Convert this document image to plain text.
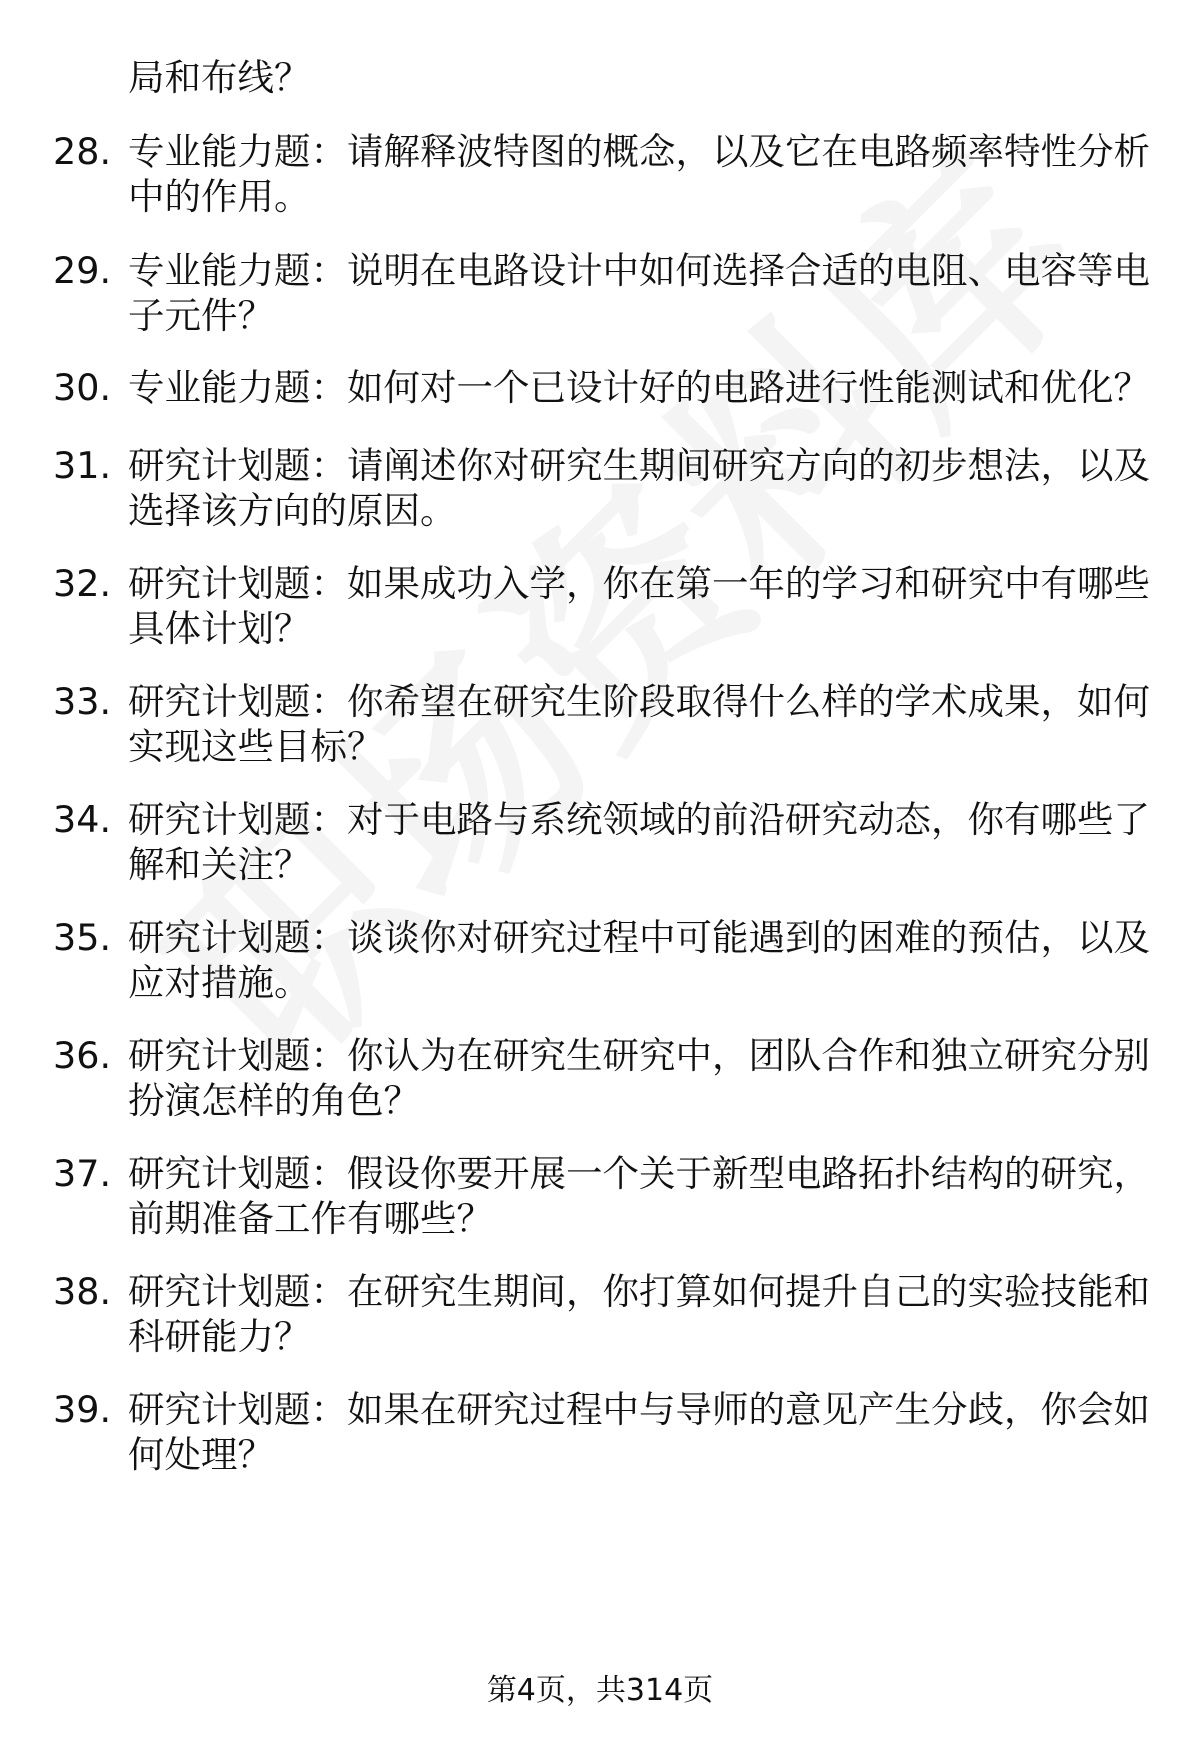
局和布线？
28. 专业能力题：请解释波特图的概念，以及它在电路频率特性分析
中的作用。
29. 专业能力题：说明在电路设计中如何选择合适的电阻、电容等电
子元件？
30. 专业能力题：如何对一个已设计好的电路进行性能测试和优化？
31. 研究计划题：请阐述你对研究生期间研究方向的初步想法，以及
选择该方向的原因。
32. 研究计划题：如果成功入学，你在第一年的学习和研究中有哪些
具体计划？
33. 研究计划题：你希望在研究生阶段取得什么样的学术成果，如何
实现这些目标？
34. 研究计划题：对于电路与系统领域的前沿研究动态，你有哪些了
解和关注？
35. 研究计划题：谈谈你对研究过程中可能遇到的困难的预估，以及
应对措施。
36. 研究计划题：你认为在研究生研究中，团队合作和独立研究分别
扮演怎样的角色？
37. 研究计划题：假设你要开展一个关于新型电路拓扑结构的研究，
前期准备工作有哪些？
38. 研究计划题：在研究生期间，你打算如何提升自己的实验技能和
科研能力？
39. 研究计划题：如果在研究过程中与导师的意见产生分歧，你会如
何处理？
第4页，共314页
